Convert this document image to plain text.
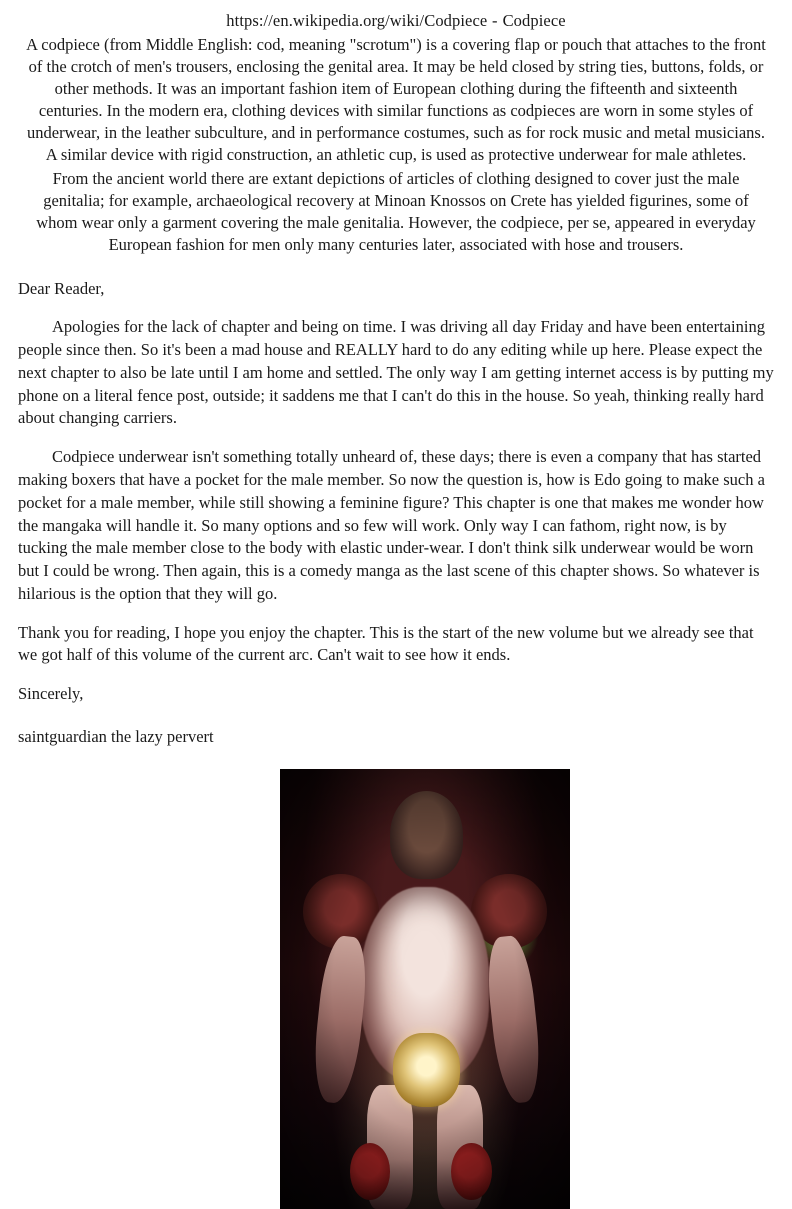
https://en.wikipedia.org/wiki/Codpiece - Codpiece

A codpiece (from Middle English: cod, meaning "scrotum") is a covering flap or pouch that attaches to the front of the crotch of men's trousers, enclosing the genital area. It may be held closed by string ties, buttons, folds, or other methods. It was an important fashion item of European clothing during the fifteenth and sixteenth centuries. In the modern era, clothing devices with similar functions as codpieces are worn in some styles of underwear, in the leather subculture, and in performance costumes, such as for rock music and metal musicians. A similar device with rigid construction, an athletic cup, is used as protective underwear for male athletes.

From the ancient world there are extant depictions of articles of clothing designed to cover just the male genitalia; for example, archaeological recovery at Minoan Knossos on Crete has yielded figurines, some of whom wear only a garment covering the male genitalia. However, the codpiece, per se, appeared in everyday European fashion for men only many centuries later, associated with hose and trousers.

Dear Reader,

Apologies for the lack of chapter and being on time. I was driving all day Friday and have been entertaining people since then. So it's been a mad house and REALLY hard to do any editing while up here. Please expect the next chapter to also be late until I am home and settled. The only way I am getting internet access is by putting my phone on a literal fence post, outside; it saddens me that I can't do this in the house. So yeah, thinking really hard about changing carriers.

Codpiece underwear isn't something totally unheard of, these days; there is even a company that has started making boxers that have a pocket for the male member. So now the question is, how is Edo going to make such a pocket for a male member, while still showing a feminine figure? This chapter is one that makes me wonder how the mangaka will handle it. So many options and so few will work. Only way I can fathom, right now, is by tucking the male member close to the body with elastic under-wear. I don't think silk underwear would be worn but I could be wrong. Then again, this is a comedy manga as the last scene of this chapter shows. So whatever is hilarious is the option that they will go.

Thank you for reading, I hope you enjoy the chapter. This is the start of the new volume but we already see that we got half of this volume of the current arc. Can't wait to see how it ends.

Sincerely,

saintguardian the lazy pervert
